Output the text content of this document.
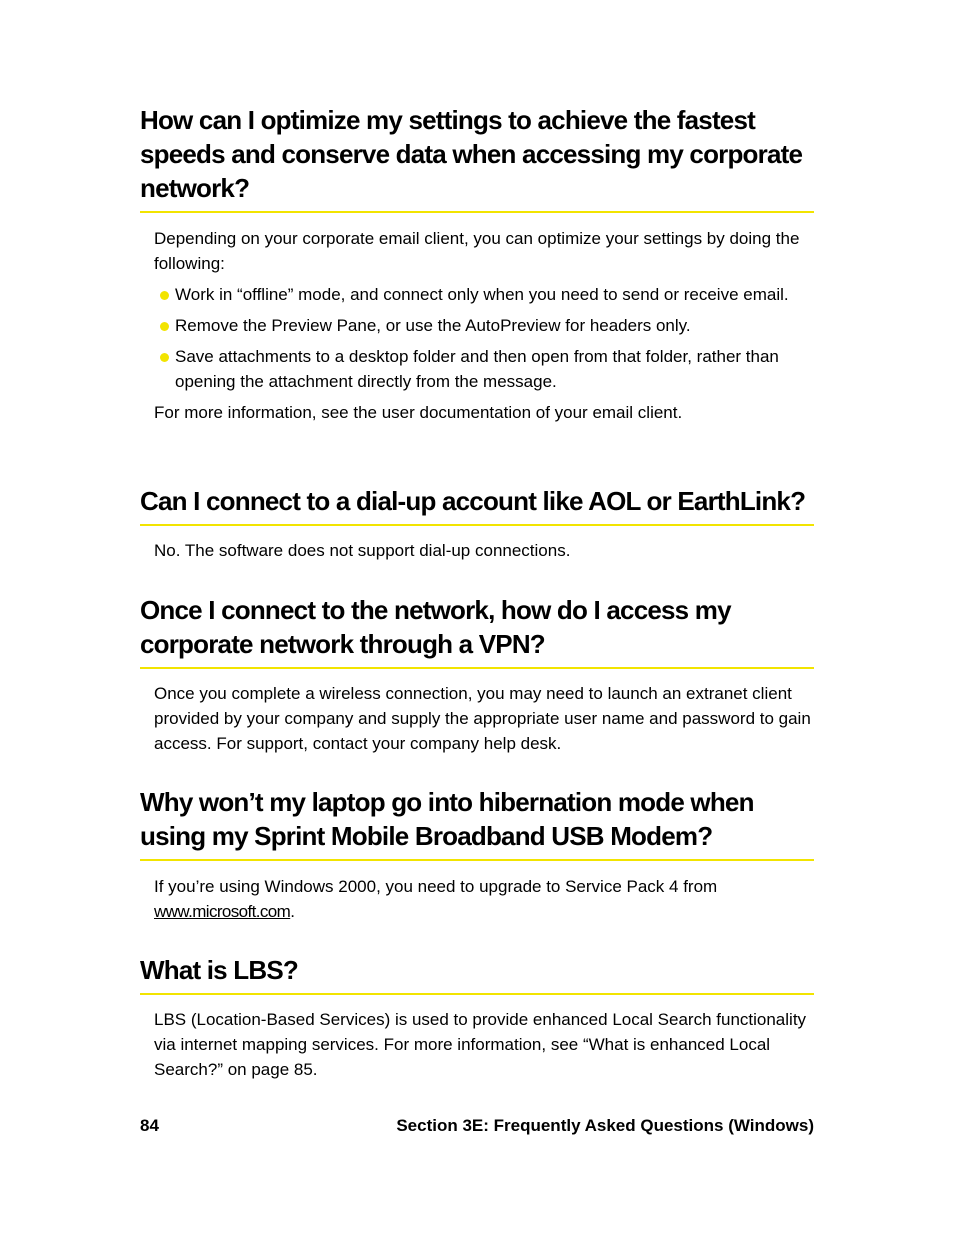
How can I optimize my settings to achieve the fastest speeds and conserve data when accessing my corporate network?

Depending on your corporate email client, you can optimize your settings by doing the following:

Work in “offline” mode, and connect only when you need to send or receive email.
Remove the Preview Pane, or use the AutoPreview for headers only.
Save attachments to a desktop folder and then open from that folder, rather than opening the attachment directly from the message.

For more information, see the user documentation of your email client.

Can I connect to a dial-up account like AOL or EarthLink?

No. The software does not support dial-up connections.

Once I connect to the network, how do I access my corporate network through a VPN?

Once you complete a wireless connection, you may need to launch an extranet client provided by your company and supply the appropriate user name and password to gain access. For support, contact your company help desk.

Why won’t my laptop go into hibernation mode when using my Sprint Mobile Broadband USB Modem?

If you’re using Windows 2000, you need to upgrade to Service Pack 4 from www.microsoft.com.

What is LBS?

LBS (Location-Based Services) is used to provide enhanced Local Search functionality via internet mapping services. For more information, see “What is enhanced Local Search?” on page 85.

84	Section 3E: Frequently Asked Questions (Windows)
